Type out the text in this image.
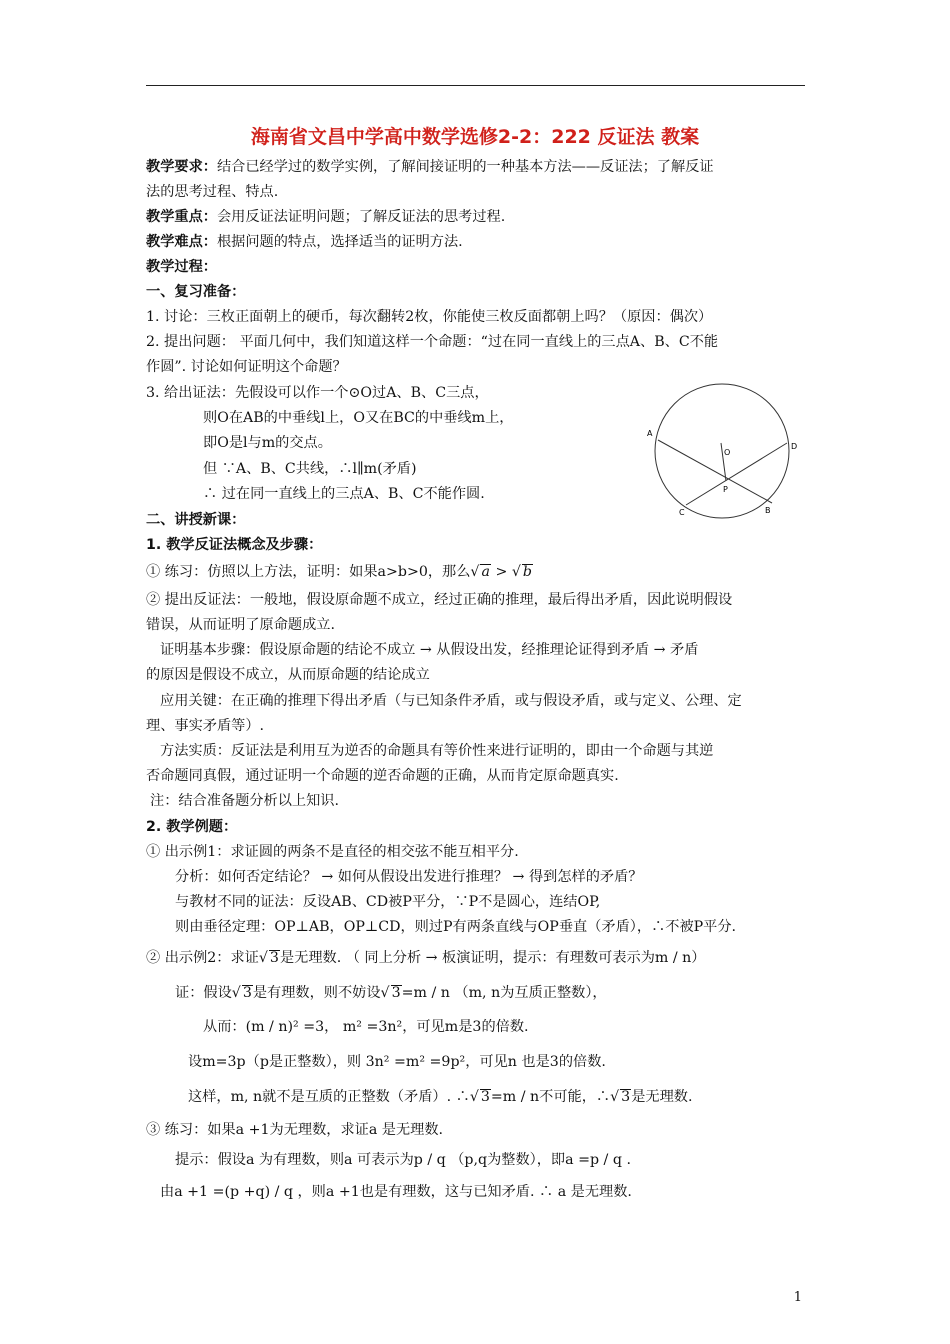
海南省文昌中学高中数学选修2-2：222 反证法 教案
教学要求：结合已经学过的数学实例，了解间接证明的一种基本方法——反证法；了解反证
法的思考过程、特点.
教学重点：会用反证法证明问题；了解反证法的思考过程.
教学难点：根据问题的特点，选择适当的证明方法.
教学过程：
一、复习准备：
1. 讨论：三枚正面朝上的硬币，每次翻转2枚，你能使三枚反面都朝上吗？（原因：偶次）
2. 提出问题： 平面几何中，我们知道这样一个命题：“过在同一直线上的三点A、B、C不能
作圆”. 讨论如何证明这个命题？
3. 给出证法：先假设可以作一个⊙O过A、B、C三点，
则O在AB的中垂线l上，O又在BC的中垂线m上，
即O是l与m的交点。
但 ∵A、B、C共线，∴l∥m(矛盾)
∴ 过在同一直线上的三点A、B、C不能作圆.
A
B
C
D
O
P
二、讲授新课：
1. 教学反证法概念及步骤：
① 练习：仿照以上方法，证明：如果a>b>0，那么√ a > √ b
② 提出反证法：一般地，假设原命题不成立，经过正确的推理，最后得出矛盾，因此说明假设
错误，从而证明了原命题成立.
证明基本步骤：假设原命题的结论不成立 → 从假设出发，经推理论证得到矛盾 → 矛盾
的原因是假设不成立，从而原命题的结论成立
应用关键：在正确的推理下得出矛盾（与已知条件矛盾，或与假设矛盾，或与定义、公理、定
理、事实矛盾等）.
方法实质：反证法是利用互为逆否的命题具有等价性来进行证明的，即由一个命题与其逆
否命题同真假，通过证明一个命题的逆否命题的正确，从而肯定原命题真实.
注：结合准备题分析以上知识.
2. 教学例题：
① 出示例1：求证圆的两条不是直径的相交弦不能互相平分.
分析：如何否定结论？ → 如何从假设出发进行推理？ → 得到怎样的矛盾？
与教材不同的证法：反设AB、CD被P平分，∵P不是圆心，连结OP,
则由垂径定理：OP⊥AB，OP⊥CD，则过P有两条直线与OP垂直（矛盾），∴不被P平分.
② 出示例2：求证√ 3是无理数. （ 同上分析 → 板演证明，提示：有理数可表示为m / n）
证：假设√ 3是有理数，则不妨设√ 3=m / n （m, n为互质正整数），
从而：(m / n)² =3， m² =3n²，可见m是3的倍数.
设m=3p（p是正整数），则 3n² =m² =9p²，可见n 也是3的倍数.
这样，m, n就不是互质的正整数（矛盾）. ∴√ 3=m / n不可能，∴√ 3是无理数.
③ 练习：如果a +1为无理数，求证a 是无理数.
提示：假设a 为有理数，则a 可表示为p / q （p,q为整数），即a =p / q .
由a +1 =(p +q) / q ，则a +1也是有理数，这与已知矛盾. ∴ a 是无理数.
1
